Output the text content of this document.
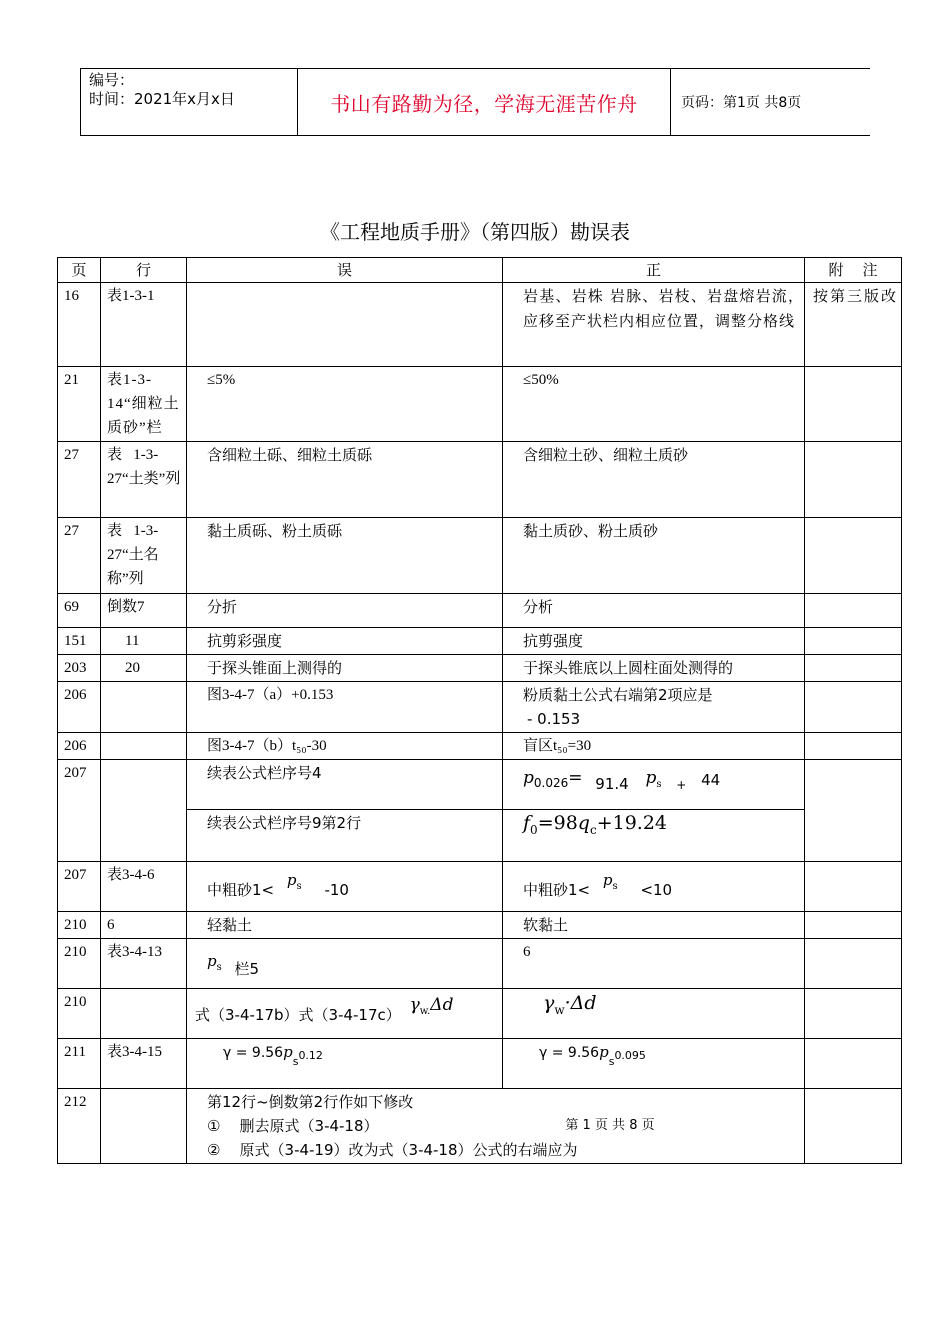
编号：
时间：2021年x月x日	书山有路勤为径，学海无涯苦作舟	页码：第1页 共8页
《工程地质手册》（第四版）勘误表
页	行	误	正	附    注
16	表1-3-1		岩基、岩株 岩脉、岩枝、岩盘熔岩流，应移至产状栏内相应位置，调整分格线	按第三版改
21	表1-3-14“细粒土质砂”栏	≤5%	≤50%	
27	表   1-3-27“土类”列	含细粒土砾、细粒土质砾	含细粒土砂、细粒土质砂	
27	表   1-3-27“土名称”列	黏土质砾、粉土质砾	黏土质砂、粉土质砂	
69	倒数7	分折	分析	
151	11	抗剪彩强度	抗剪强度	
203	20	于探头锥面上测得的	于探头锥底以上圆柱面处测得的	
206		图3-4-7（a）+0.153	粉质黏土公式右端第2项应是
- 0.153	

206		图3-4-7（b）t₅₀-30	盲区t₅₀=30	
207		续表公式栏序号4	$p_{0.026}= 91.4$ $p_s$ $_+$ 44	
		续表公式栏序号9第2行	$f_0=98q_c+19.24$	
207	表3-4-6	中粗砂$1< p_s$ -10	中粗砂$1< p_s <10$	
210	6	轻黏土	软黏土	
210	表3-4-13	$p_s$ 栏5	6	
210		式（3-4-17b）式（3-4-17c） $\gamma_{w.}\Delta d$	$\gamma_w\cdot\Delta d$	
211	表3-4-15	$\gamma = 9.56p_s0.12$	$\gamma = 9.56p_s0.095$	
212		第12行~倒数第2行作如下修改
①    删去原式（3-4-18）
②    原式（3-4-19）改为式（3-4-18）公式的右端应为		

第 1 页 共 8 页
